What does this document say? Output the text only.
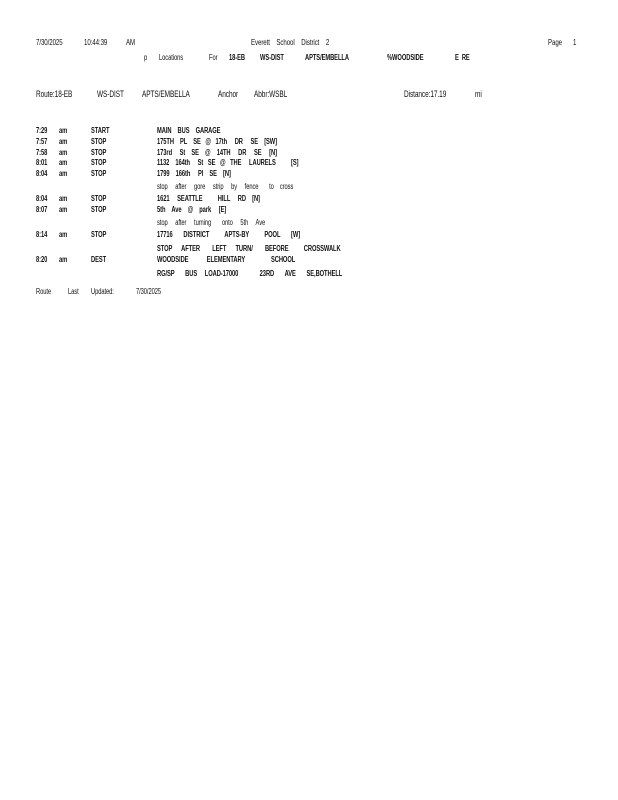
7/30/2025	10:44:39 AM	Everett    School    District    2	Page 1
p Locations	For 18-EB WS-DIST	APTS/EMBELLA	%WOODSIDE	E  RE
Route:18-EB	WS-DIST APTS/EMBELLA	Anchor Abbr:WSBL	Distance:17.19	mi
7:29 am	START	MAIN    BUS    GARAGE
7:57 am	STOP	175TH    PL    SE   @   17th     DR     SE    [SW]
7:58 am	STOP	173rd     St    SE    @    14TH     DR     SE     [N]
8:01 am	STOP	1132    164th     St   SE   @   THE     LAURELS          [S]
8:04 am	STOP	1799    166th     Pl    SE    [N]
stop     after     gore     strip     by     fence       to    cross
8:04 am	STOP	1621     SEATTLE          HILL     RD    [N]
8:07 am	STOP	5th    Ave    @    park     [E]
stop     after     turning       onto     5th     Ave
8:14 am	STOP	17716       DISTRICT          APTS-BY          POOL       [W]
STOP      AFTER        LEFT      TURN/        BEFORE          CROSSWALK
8:20 am	DEST	WOODSIDE            ELEMENTARY                 SCHOOL
RG/SP       BUS     LOAD-17000              23RD       AVE       SE,BOTHELL
Route Last Updated:	7/30/2025
